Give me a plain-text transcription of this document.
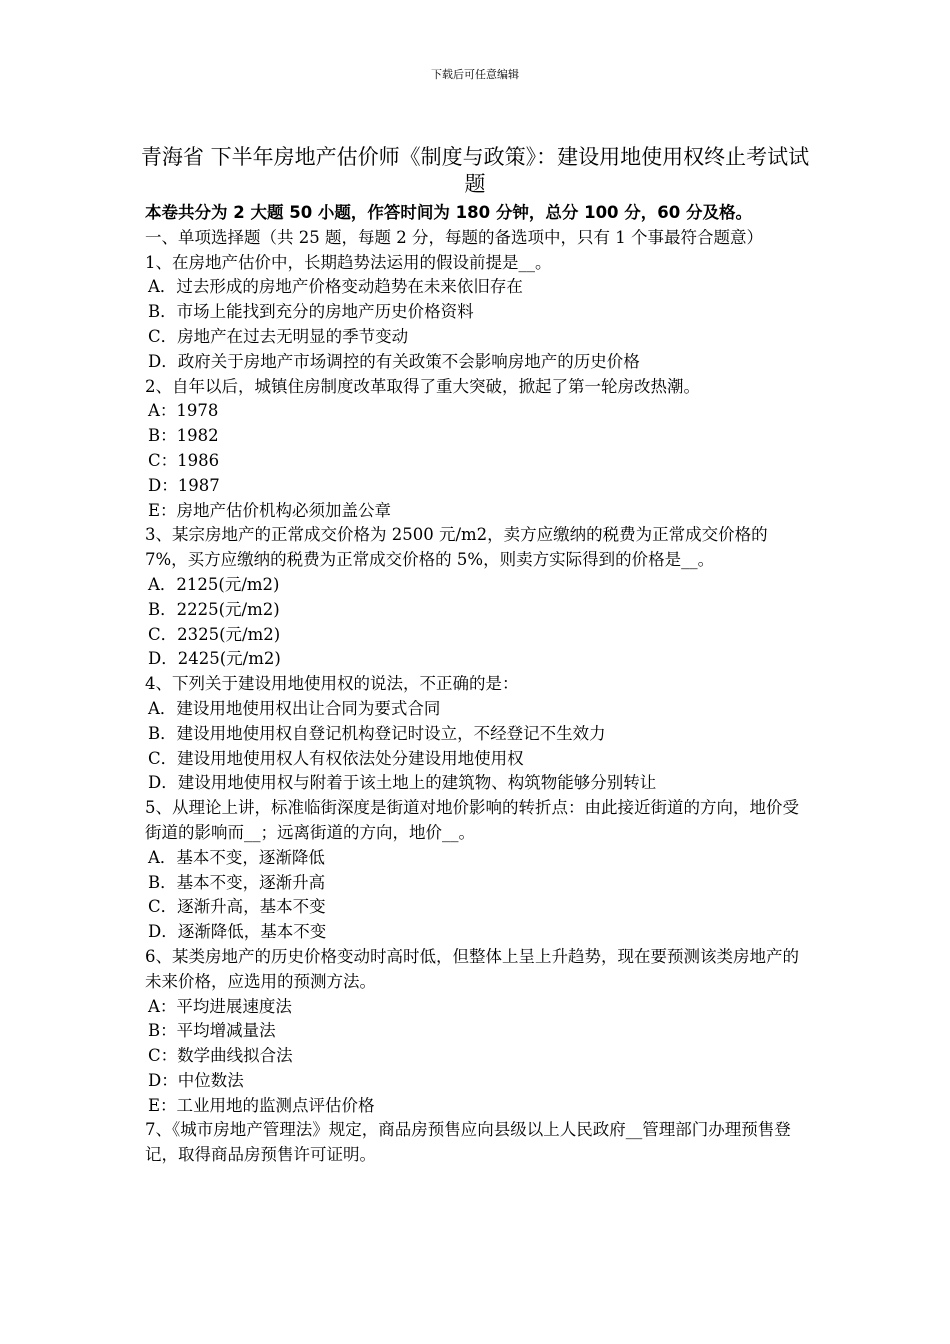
下载后可任意编辑
青海省 下半年房地产估价师《制度与政策》：建设用地使用权终止考试试题
本卷共分为 2 大题 50 小题，作答时间为 180 分钟，总分 100 分，60 分及格。
一、单项选择题（共 25 题，每题 2 分，每题的备选项中，只有 1 个事最符合题意）
1、在房地产估价中，长期趋势法运用的假设前提是__。
A．过去形成的房地产价格变动趋势在未来依旧存在
B．市场上能找到充分的房地产历史价格资料
C．房地产在过去无明显的季节变动
D．政府关于房地产市场调控的有关政策不会影响房地产的历史价格
2、自年以后，城镇住房制度改革取得了重大突破，掀起了第一轮房改热潮。
A：1978
B：1982
C：1986
D：1987
E：房地产估价机构必须加盖公章
3、某宗房地产的正常成交价格为 2500 元/m2，卖方应缴纳的税费为正常成交价格的 7%，买方应缴纳的税费为正常成交价格的 5%，则卖方实际得到的价格是__。
A．2125(元/m2)
B．2225(元/m2)
C．2325(元/m2)
D．2425(元/m2)
4、下列关于建设用地使用权的说法，不正确的是：
A．建设用地使用权出让合同为要式合同
B．建设用地使用权自登记机构登记时设立，不经登记不生效力
C．建设用地使用权人有权依法处分建设用地使用权
D．建设用地使用权与附着于该土地上的建筑物、构筑物能够分别转让
5、从理论上讲，标准临街深度是街道对地价影响的转折点：由此接近街道的方向，地价受街道的影响而__；远离街道的方向，地价__。
A．基本不变，逐渐降低
B．基本不变，逐渐升高
C．逐渐升高，基本不变
D．逐渐降低，基本不变
6、某类房地产的历史价格变动时高时低，但整体上呈上升趋势，现在要预测该类房地产的未来价格，应选用的预测方法。
A：平均进展速度法
B：平均增减量法
C：数学曲线拟合法
D：中位数法
E：工业用地的监测点评估价格
7、《城市房地产管理法》规定，商品房预售应向县级以上人民政府__管理部门办理预售登记，取得商品房预售许可证明。
